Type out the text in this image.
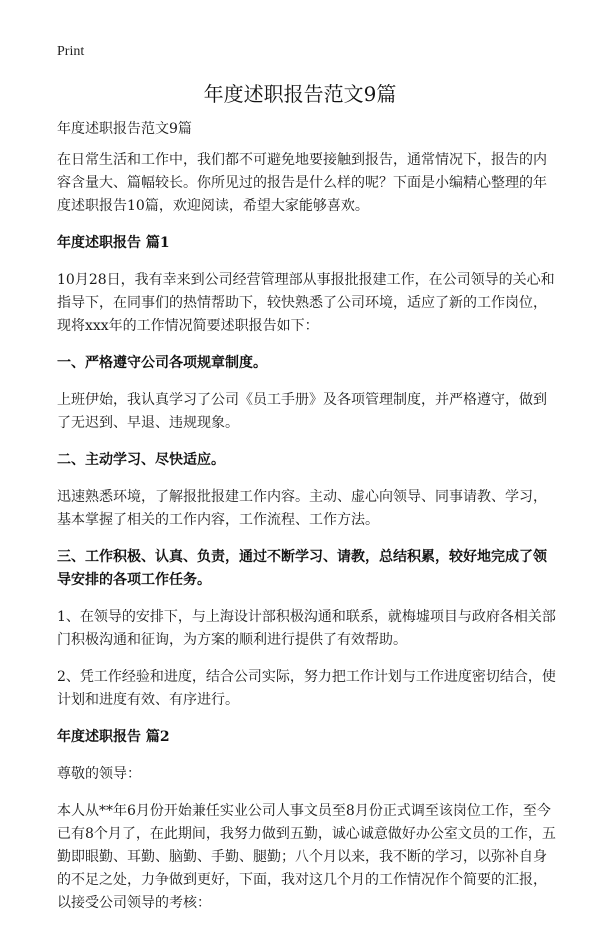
Print
年度述职报告范文9篇

年度述职报告范文9篇

在日常生活和工作中，我们都不可避免地要接触到报告，通常情况下，报告的内容含量大、篇幅较长。你所见过的报告是什么样的呢？下面是小编精心整理的年度述职报告10篇，欢迎阅读，希望大家能够喜欢。

年度述职报告 篇1

10月28日，我有幸来到公司经营管理部从事报批报建工作，在公司领导的关心和指导下，在同事们的热情帮助下，较快熟悉了公司环境，适应了新的工作岗位，现将xxx年的工作情况简要述职报告如下：

一、严格遵守公司各项规章制度。

上班伊始，我认真学习了公司《员工手册》及各项管理制度，并严格遵守，做到了无迟到、早退、违规现象。

二、主动学习、尽快适应。

迅速熟悉环境，了解报批报建工作内容。主动、虚心向领导、同事请教、学习，基本掌握了相关的工作内容，工作流程、工作方法。

三、工作积极、认真、负责，通过不断学习、请教，总结积累，较好地完成了领导安排的各项工作任务。

1、在领导的安排下，与上海设计部积极沟通和联系，就梅墟项目与政府各相关部门积极沟通和征询，为方案的顺利进行提供了有效帮助。

2、凭工作经验和进度，结合公司实际，努力把工作计划与工作进度密切结合，使计划和进度有效、有序进行。

年度述职报告 篇2

尊敬的领导：

本人从**年6月份开始兼任实业公司人事文员至8月份正式调至该岗位工作，至今已有8个月了，在此期间，我努力做到五勤，诚心诚意做好办公室文员的工作，五勤即眼勤、耳勤、脑勤、手勤、腿勤；八个月以来，我不断的学习，以弥补自身的不足之处，力争做到更好，下面，我对这几个月的工作情况作个简要的汇报，以接受公司领导的考核：
